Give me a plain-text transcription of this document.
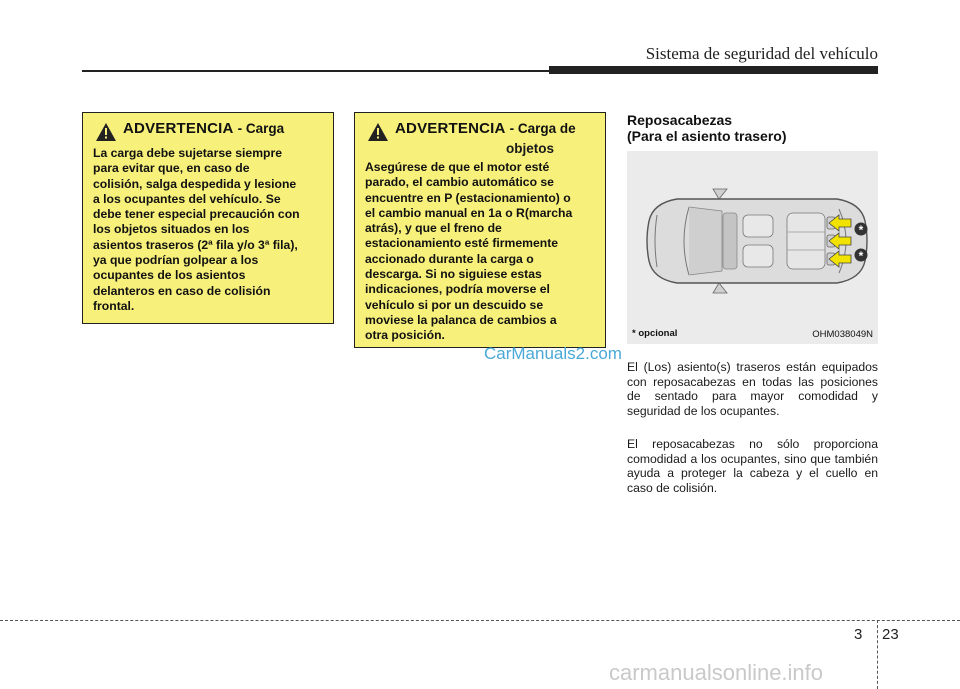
Sistema de seguridad del vehículo
ADVERTENCIA - Carga
La carga debe sujetarse siempre
para evitar que, en caso de
colisión, salga despedida y lesione
a los ocupantes del vehículo. Se
debe tener especial precaución con
los objetos situados en los
asientos traseros (2ª fila y/o 3ª fila),
ya que podrían golpear a los
ocupantes de los asientos
delanteros en caso de colisión
frontal.
ADVERTENCIA - Carga de
objetos
Asegúrese de que el motor esté
parado, el cambio automático se
encuentre en P (estacionamiento) o
el cambio manual en 1a o R(marcha
atrás), y que el freno de
estacionamiento esté firmemente
accionado durante la carga o
descarga. Si no siguiese estas
indicaciones, podría moverse el
vehículo si por un descuido se
moviese la palanca de cambios a
otra posición.
Reposacabezas
(Para el asiento trasero)
*
*
* opcional	OHM038049N

El (Los) asiento(s) traseros están equipados con reposacabezas en todas las posiciones de sentado para mayor comodidad y seguridad de los ocupantes.

El reposacabezas no sólo proporciona comodidad a los ocupantes, sino que también ayuda a proteger la cabeza y el cuello en caso de colisión.

CarManuals2.com
3 23
carmanualsonline.info
